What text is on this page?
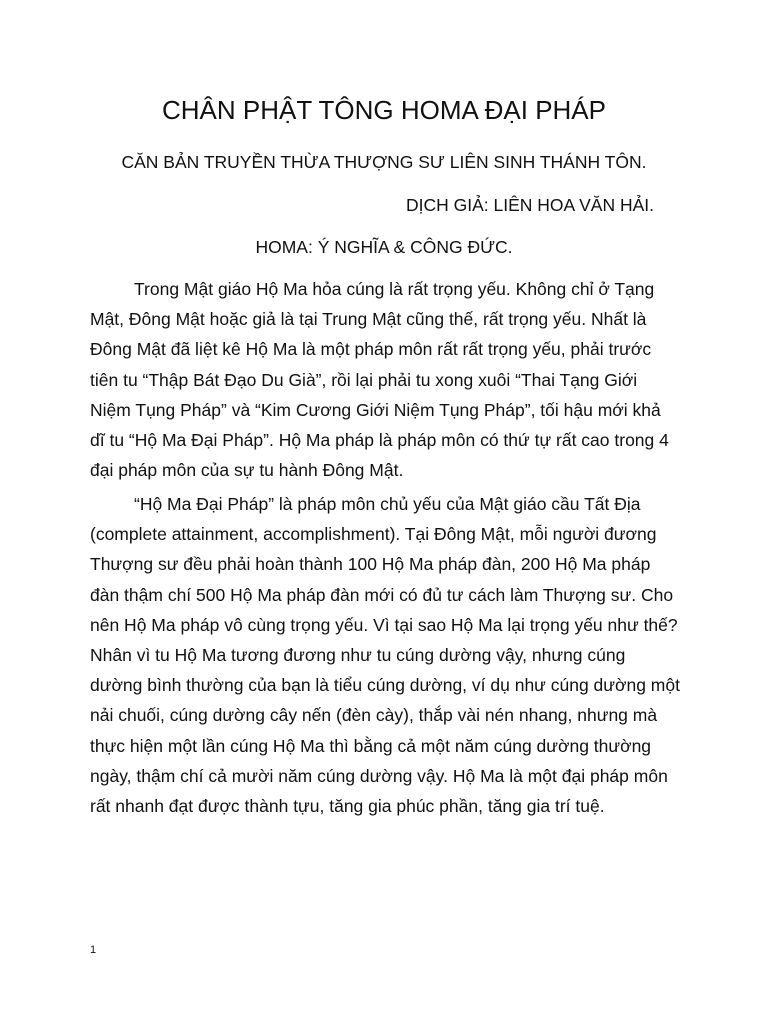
CHÂN PHẬT TÔNG HOMA ĐẠI PHÁP
CĂN BẢN TRUYỀN THỪA THƯỢNG SƯ LIÊN SINH THÁNH TÔN.
DỊCH GIẢ: LIÊN HOA VĂN HẢI.
HOMA: Ý NGHĨA & CÔNG ĐỨC.

Trong Mật giáo Hộ Ma hỏa cúng là rất trọng yếu. Không chỉ ở Tạng Mật, Đông Mật hoặc giả là tại Trung Mật cũng thế, rất trọng yếu. Nhất là Đông Mật đã liệt kê Hộ Ma là một pháp môn rất rất trọng yếu, phải trước tiên tu “Thập Bát Đạo Du Già”, rồi lại phải tu xong xuôi “Thai Tạng Giới Niệm Tụng Pháp” và “Kim Cương Giới Niệm Tụng Pháp”, tối hậu mới khả dĩ tu “Hộ Ma Đại Pháp”. Hộ Ma pháp là pháp môn có thứ tự rất cao trong 4 đại pháp môn của sự tu hành Đông Mật.

“Hộ Ma Đại Pháp” là pháp môn chủ yếu của Mật giáo cầu Tất Địa (complete attainment, accomplishment). Tại Đông Mật, mỗi người đương Thượng sư đều phải hoàn thành 100 Hộ Ma pháp đàn, 200 Hộ Ma pháp đàn thậm chí 500 Hộ Ma pháp đàn mới có đủ tư cách làm Thượng sư. Cho nên Hộ Ma pháp vô cùng trọng yếu. Vì tại sao Hộ Ma lại trọng yếu như thế? Nhân vì tu Hộ Ma tương đương như tu cúng dường vậy, nhưng cúng dường bình thường của bạn là tiểu cúng dường, ví dụ như cúng dường một nải chuối, cúng dường cây nến (đèn cày), thắp vài nén nhang, nhưng mà thực hiện một lần cúng Hộ Ma thì bằng cả một năm cúng dường thường ngày, thậm chí cả mười năm cúng dường vậy. Hộ Ma là một đại pháp môn rất nhanh đạt được thành tựu, tăng gia phúc phần, tăng gia trí tuệ.

1
